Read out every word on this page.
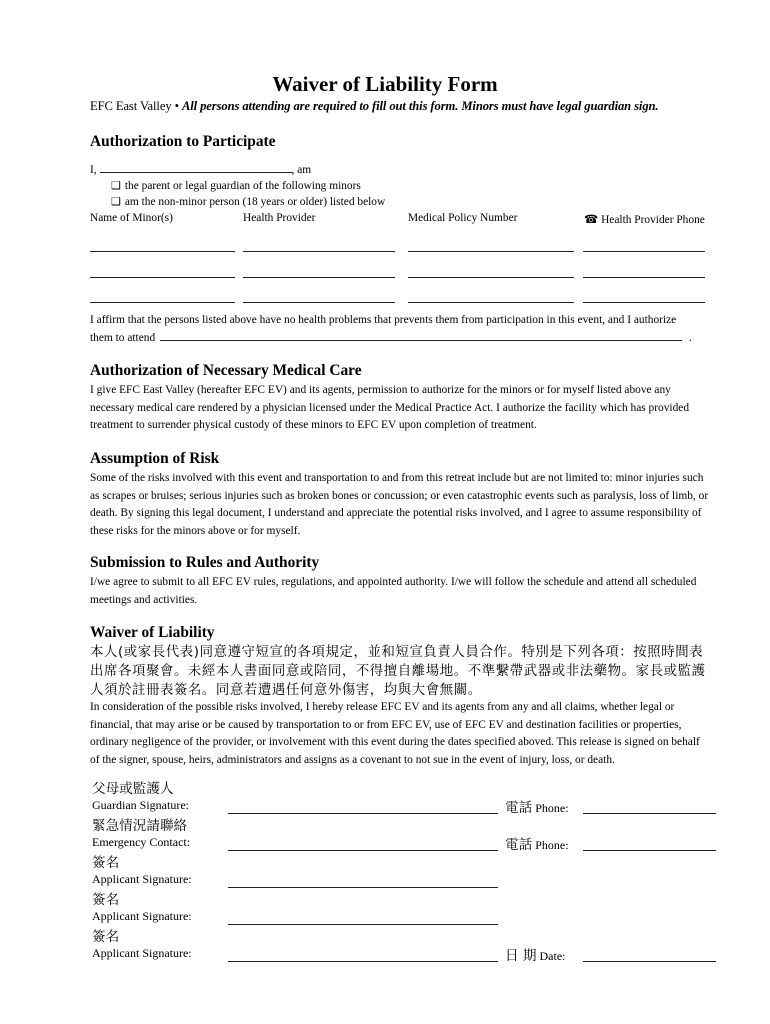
Waiver of Liability Form
EFC East Valley • All persons attending are required to fill out this form. Minors must have legal guardian sign.
Authorization to Participate
I,	, am
❏ the parent or legal guardian of the following minors
❏ am the non-minor person (18 years or older) listed below
Name of Minor(s)	Health Provider	Medical Policy Number	☎ Health Provider Phone
I affirm that the persons listed above have no health problems that prevents them from participation in this event, and I authorize
them to attend	.
Authorization of Necessary Medical Care
I give EFC East Valley (hereafter EFC EV) and its agents, permission to authorize for the minors or for myself listed above any necessary medical care rendered by a physician licensed under the Medical Practice Act. I authorize the facility which has provided treatment to surrender physical custody of these minors to EFC EV upon completion of treatment.
Assumption of Risk
Some of the risks involved with this event and transportation to and from this retreat include but are not limited to: minor injuries such as scrapes or bruises; serious injuries such as broken bones or concussion; or even catastrophic events such as paralysis, loss of limb, or death. By signing this legal document, I understand and appreciate the potential risks involved, and I agree to assume responsibility of these risks for the minors above or for myself.
Submission to Rules and Authority
I/we agree to submit to all EFC EV rules, regulations, and appointed authority. I/we will follow the schedule and attend all scheduled meetings and activities.
Waiver of Liability
本人(或家長代表)同意遵守短宣的各項規定，並和短宣負責人員合作。特別是下列各項：按照時間表
出席各項聚會。未經本人書面同意或陪同，不得擅自離場地。不準繫帶武器或非法藥物。家長或監護
人須於註冊表簽名。同意若遭遇任何意外傷害，均與大會無關。
In consideration of the possible risks involved, I hereby release EFC EV and its agents from any and all claims, whether legal or financial, that may arise or be caused by transportation to or from EFC EV, use of EFC EV and destination facilities or properties, ordinary negligence of the provider, or involvement with this event during the dates specified aboved. This release is signed on behalf of the signer, spouse, heirs, administrators and assigns as a covenant to not sue in the event of injury, loss, or death.
父母或監護人
Guardian Signature:	電話 Phone:
緊急情況請聯絡
Emergency Contact:	電話 Phone:
簽名
Applicant Signature:
簽名
Applicant Signature:
簽名
Applicant Signature:	日 期 Date:
